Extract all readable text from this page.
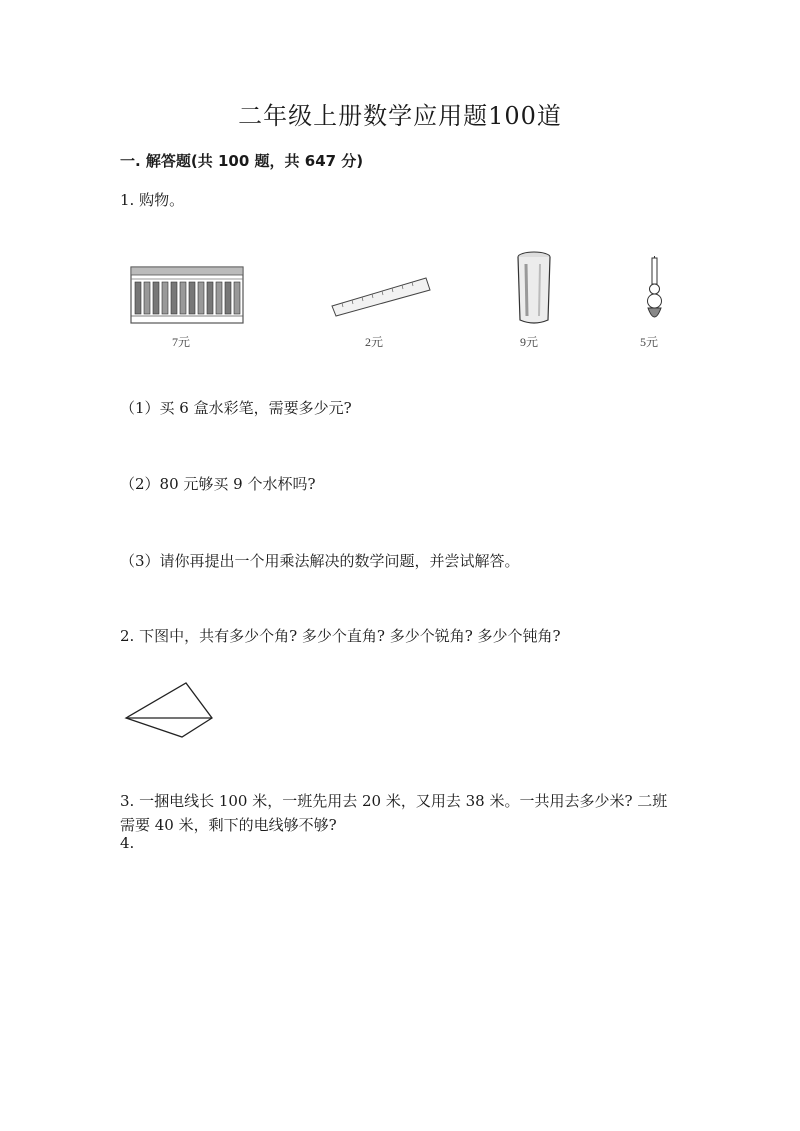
二年级上册数学应用题100道
一. 解答题(共 100 题，共 647 分)
1. 购物。
7元	2元	9元	5元
（1）买 6 盒水彩笔，需要多少元?
（2）80 元够买 9 个水杯吗?
（3）请你再提出一个用乘法解决的数学问题，并尝试解答。
2. 下图中，共有多少个角? 多少个直角? 多少个锐角? 多少个钝角?
3. 一捆电线长 100 米，一班先用去 20 米，又用去 38 米。一共用去多少米? 二班需要 40 米，剩下的电线够不够?
4.
